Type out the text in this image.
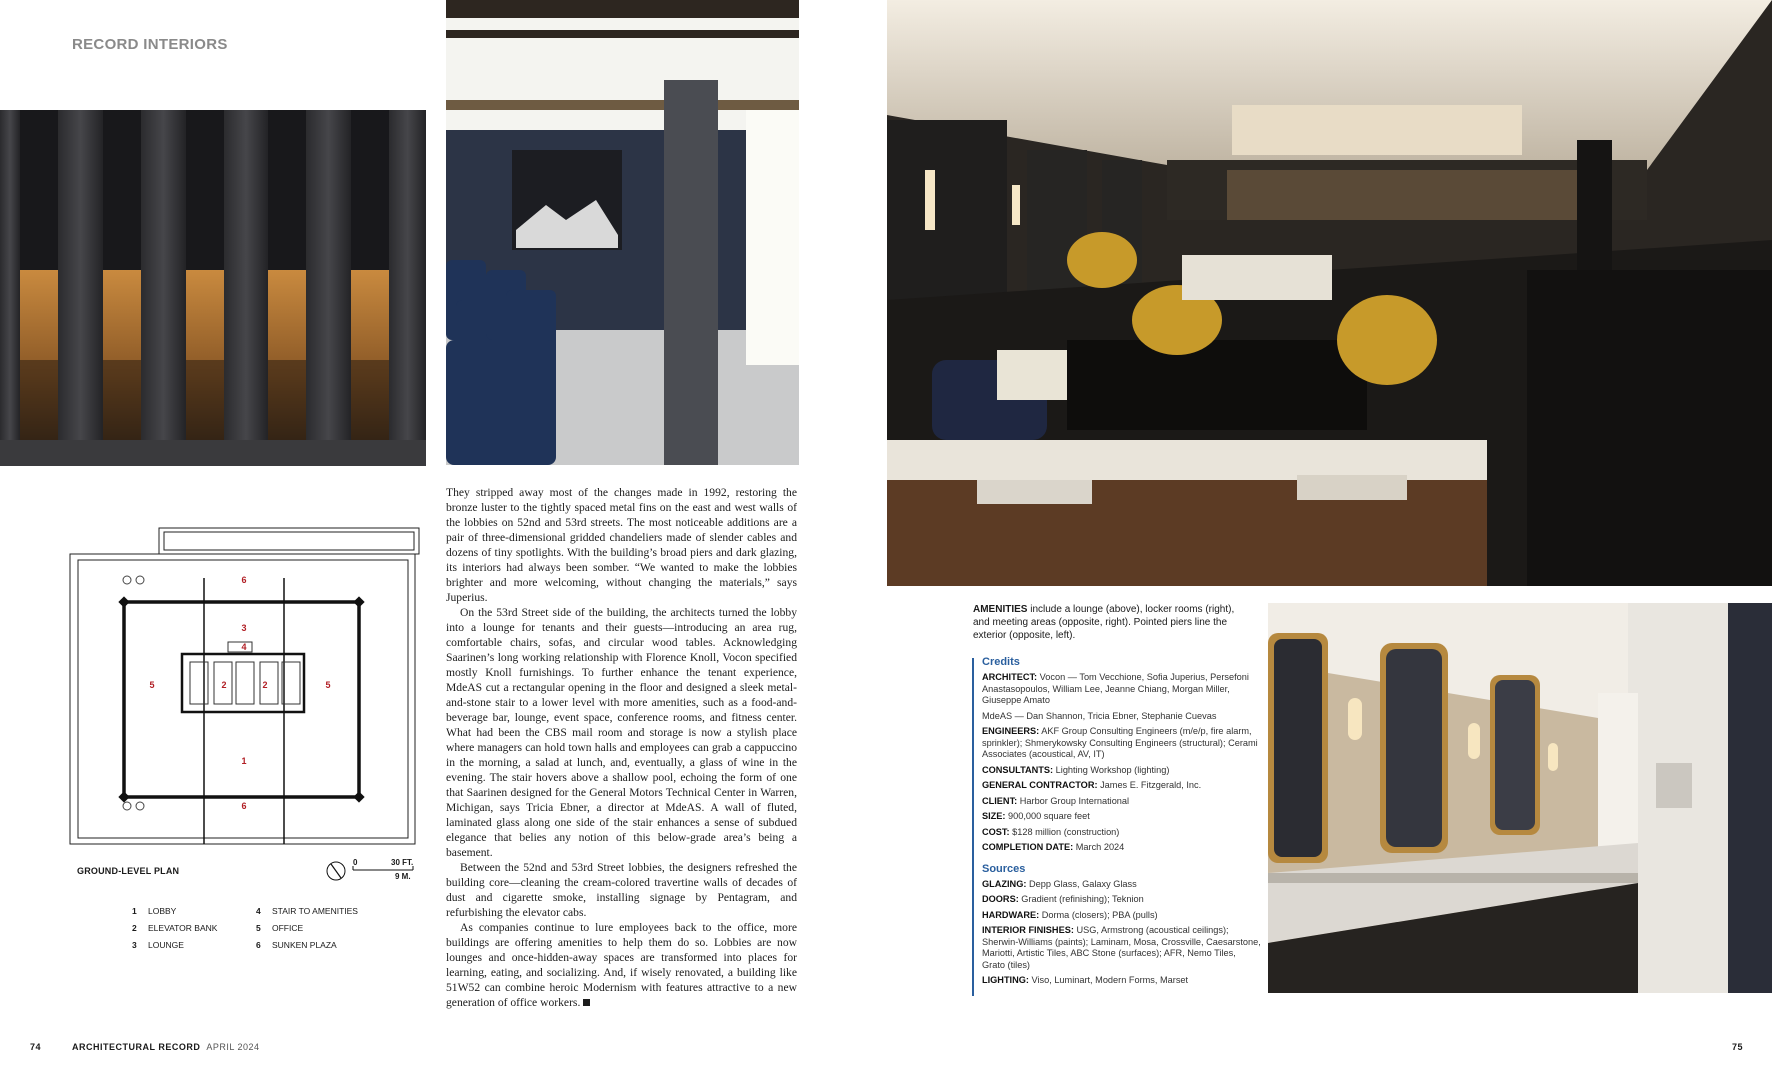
RECORD INTERIORS
6
3
4
5	2	2	5
1
6
GROUND-LEVEL PLAN
0	30 FT.
9 M.
1 LOBBY
2 ELEVATOR BANK
3 LOUNGE
4 STAIR TO AMENITIES
5 OFFICE
6 SUNKEN PLAZA

They stripped away most of the changes made in 1992, restoring the bronze luster to the tightly spaced metal fins on the east and west walls of the lobbies on 52nd and 53rd streets. The most noticeable additions are a pair of three-dimensional gridded chandeliers made of slender cables and dozens of tiny spotlights. With the building’s broad piers and dark glazing, its interiors had always been somber. “We wanted to make the lobbies brighter and more welcoming, without changing the materials,” says Juperius.

On the 53rd Street side of the building, the architects turned the lobby into a lounge for tenants and their guests—introducing an area rug, comfortable chairs, sofas, and circular wood tables. Acknowledging Saarinen’s long working relationship with Florence Knoll, Vocon specified mostly Knoll furnishings. To further enhance the tenant experience, MdeAS cut a rectangular opening in the floor and designed a sleek metal-and-stone stair to a lower level with more amenities, such as a food-and-beverage bar, lounge, event space, conference rooms, and fitness center. What had been the CBS mail room and storage is now a stylish place where managers can hold town halls and employees can grab a cappuccino in the morning, a salad at lunch, and, eventually, a glass of wine in the evening. The stair hovers above a shallow pool, echoing the form of one that Saarinen designed for the General Motors Technical Center in Warren, Michigan, says Tricia Ebner, a director at MdeAS. A wall of fluted, laminated glass along one side of the stair enhances a sense of subdued elegance that belies any notion of this below-grade area’s being a basement.

Between the 52nd and 53rd Street lobbies, the designers refreshed the building core—cleaning the cream-colored travertine walls of decades of dust and cigarette smoke, installing signage by Pentagram, and refurbishing the elevator cabs.

As companies continue to lure employees back to the office, more buildings are offering amenities to help them do so. Lobbies are now lounges and once-hidden-away spaces are transformed into places for learning, eating, and socializing. And, if wisely renovated, a building like 51W52 can combine heroic Modernism with features attractive to a new generation of office workers.

AMENITIES include a lounge (above), locker rooms (right), and meeting areas (opposite, right). Pointed piers line the exterior (opposite, left).
Credits
ARCHITECT: Vocon — Tom Vecchione, Sofia Juperius, Persefoni Anastasopoulos, William Lee, Jeanne Chiang, Morgan Miller, Giuseppe Amato
MdeAS — Dan Shannon, Tricia Ebner, Stephanie Cuevas
ENGINEERS: AKF Group Consulting Engineers (m/e/p, fire alarm, sprinkler); Shmerykowsky Consulting Engineers (structural); Cerami Associates (acoustical, AV, IT)
CONSULTANTS: Lighting Workshop (lighting)
GENERAL CONTRACTOR: James E. Fitzgerald, Inc.
CLIENT: Harbor Group International
SIZE: 900,000 square feet
COST: $128 million (construction)
COMPLETION DATE: March 2024
Sources
GLAZING: Depp Glass, Galaxy Glass
DOORS: Gradient (refinishing); Teknion
HARDWARE: Dorma (closers); PBA (pulls)
INTERIOR FINISHES: USG, Armstrong (acoustical ceilings); Sherwin-Williams (paints); Laminam, Mosa, Crossville, Caesarstone, Mariotti, Artistic Tiles, ABC Stone (surfaces); AFR, Nemo Tiles, Grato (tiles)
LIGHTING: Viso, Luminart, Modern Forms, Marset
74	ARCHITECTURAL RECORD APRIL 2024	75
